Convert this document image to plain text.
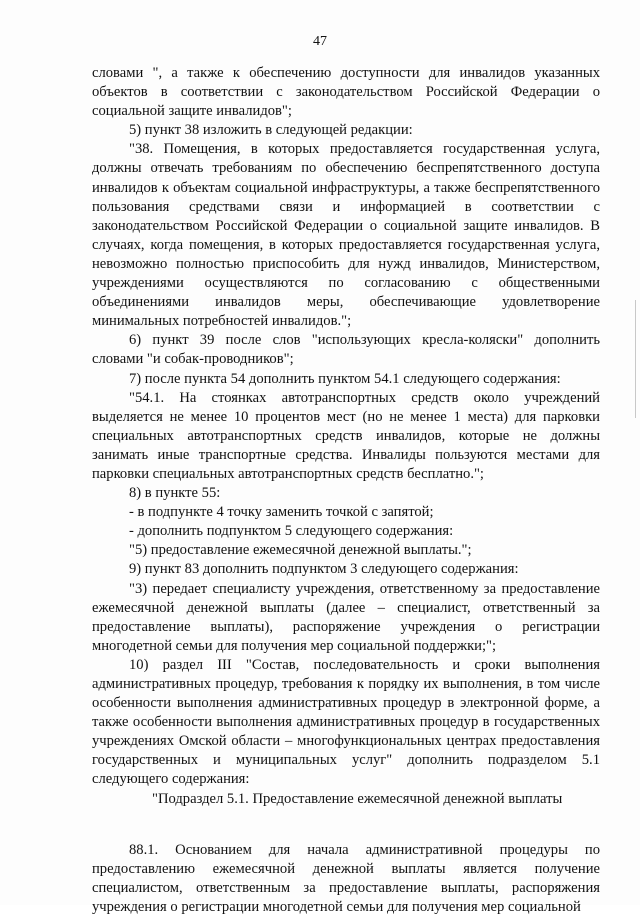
47

словами ", а также к обеспечению доступности для инвалидов указанных объектов в соответствии с законодательством Российской Федерации о социальной защите инвалидов";

5) пункт 38 изложить в следующей редакции:

"38. Помещения, в которых предоставляется государственная услуга, должны отвечать требованиям по обеспечению беспрепятственного доступа инвалидов к объектам социальной инфраструктуры, а также беспрепятственного пользования средствами связи и информацией в соответствии с законодательством Российской Федерации о социальной защите инвалидов. В случаях, когда помещения, в которых предоставляется государственная услуга, невозможно полностью приспособить для нужд инвалидов, Министерством, учреждениями осуществляются по согласованию с общественными объединениями инвалидов меры, обеспечивающие удовлетворение минимальных потребностей инвалидов.";

6) пункт 39 после слов "использующих кресла-коляски" дополнить словами "и собак-проводников";

7) после пункта 54 дополнить пунктом 54.1 следующего содержания:

"54.1. На стоянках автотранспортных средств около учреждений выделяется не менее 10 процентов мест (но не менее 1 места) для парковки специальных автотранспортных средств инвалидов, которые не должны занимать иные транспортные средства. Инвалиды пользуются местами для парковки специальных автотранспортных средств бесплатно.";

8) в пункте 55:

- в подпункте 4 точку заменить точкой с запятой;

- дополнить подпунктом 5 следующего содержания:

"5) предоставление ежемесячной денежной выплаты.";

9) пункт 83 дополнить подпунктом 3 следующего содержания:

"3) передает специалисту учреждения, ответственному за предоставление ежемесячной денежной выплаты (далее – специалист, ответственный за предоставление выплаты), распоряжение учреждения о регистрации многодетной семьи для получения мер социальной поддержки;";

10) раздел III "Состав, последовательность и сроки выполнения административных процедур, требования к порядку их выполнения, в том числе особенности выполнения административных процедур в электронной форме, а также особенности выполнения административных процедур в государственных учреждениях Омской области – многофункциональных центрах предоставления государственных и муниципальных услуг" дополнить подразделом 5.1 следующего содержания:

"Подраздел 5.1. Предоставление ежемесячной денежной выплаты

88.1. Основанием для начала административной процедуры по предоставлению ежемесячной денежной выплаты является получение специалистом, ответственным за предоставление выплаты, распоряжения учреждения о регистрации многодетной семьи для получения мер социальной
